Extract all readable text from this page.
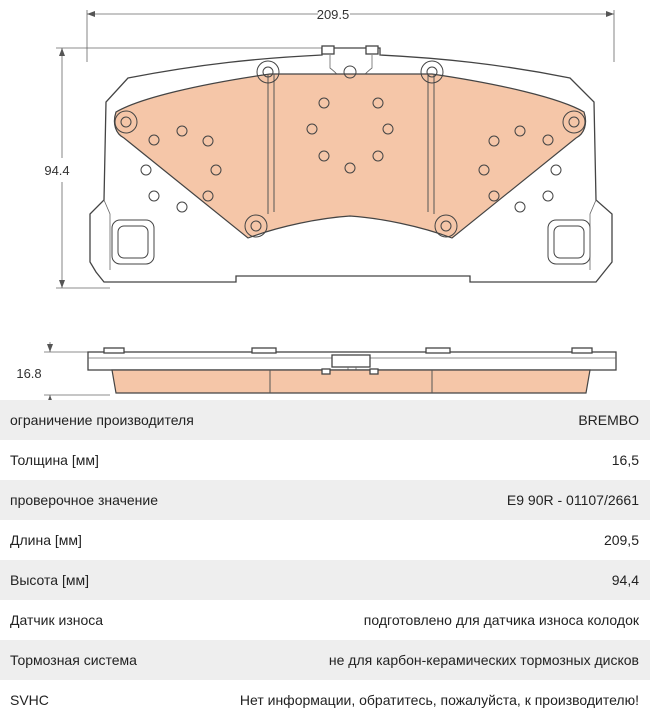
209.5
94.4
16.8
ограничение производителя	BREMBO
Толщина [мм]	16,5
проверочное значение	E9 90R - 01107/2661
Длина [мм]	209,5
Высота [мм]	94,4
Датчик износа	подготовлено для датчика износа колодок
Тормозная система	не для карбон-керамических тормозных дисков
SVHC	Нет информации, обратитесь, пожалуйста, к производителю!
